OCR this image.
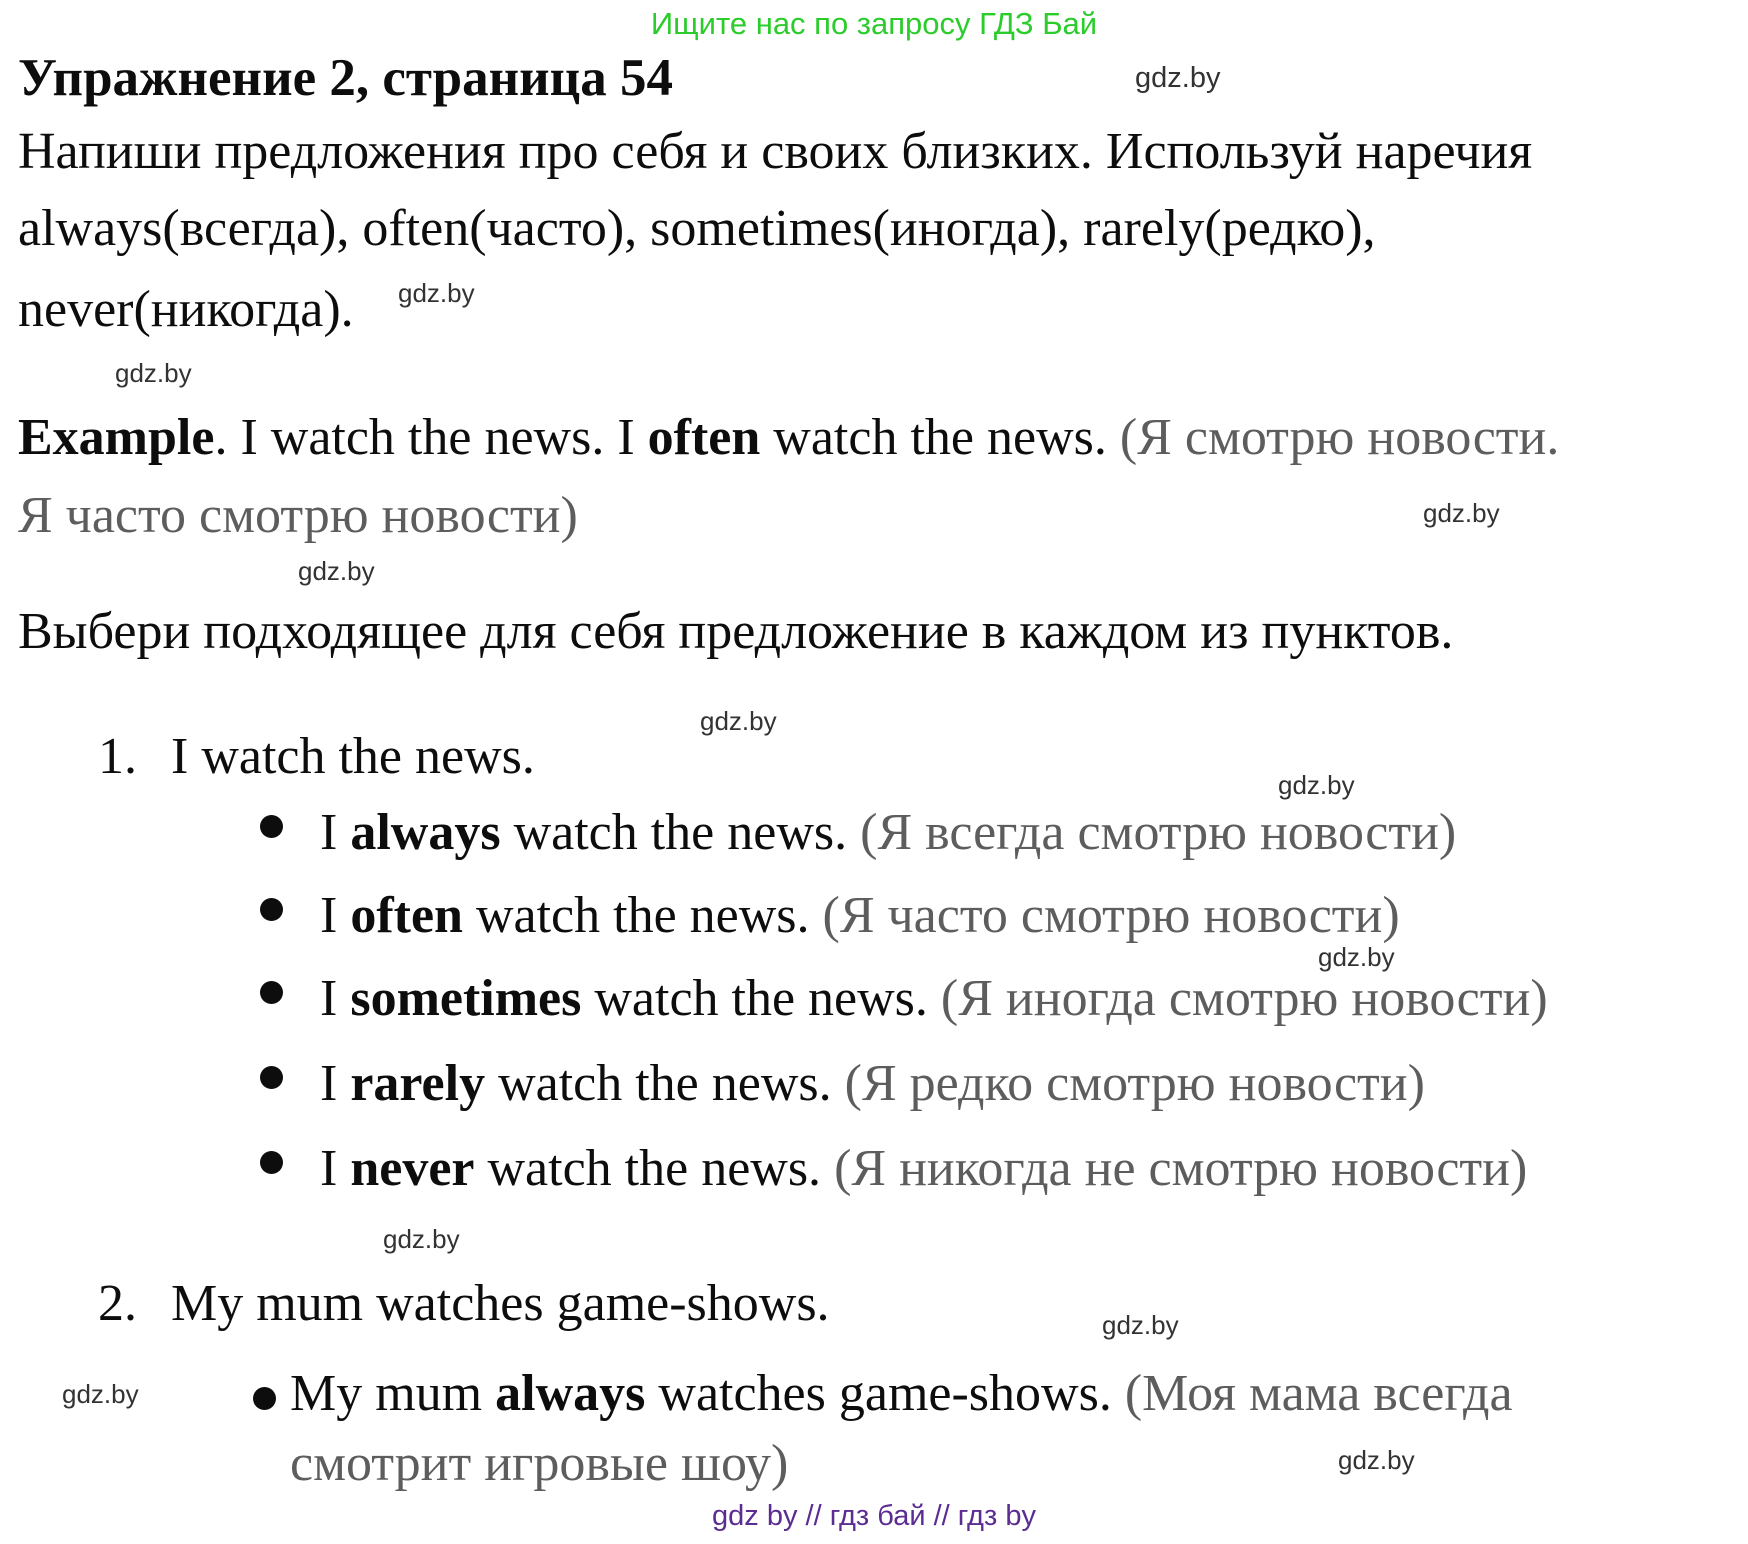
Ищите нас по запросу ГДЗ Бай
Упражнение 2, страница 54	gdz.by
Напиши предложения про себя и своих близких. Используй наречия
always(всегда), often(часто), sometimes(иногда), rarely(редко),
never(никогда). gdz.by
gdz.by
Example. I watch the news. I often watch the news. (Я смотрю новости.
Я часто смотрю новости)	gdz.by
gdz.by
Выбери подходящее для себя предложение в каждом из пунктов.
gdz.by
1. I watch the news.	gdz.by
I always watch the news. (Я всегда смотрю новости)
I often watch the news. (Я часто смотрю новости)
gdz.by
I sometimes watch the news. (Я иногда смотрю новости)
I rarely watch the news. (Я редко смотрю новости)
I never watch the news. (Я никогда не смотрю новости)
gdz.by
2. My mum watches game-shows.	gdz.by
gdz.by	My mum always watches game-shows. (Моя мама всегда
смотрит игровые шоу)	gdz.by
gdz by // гдз бай // гдз by
